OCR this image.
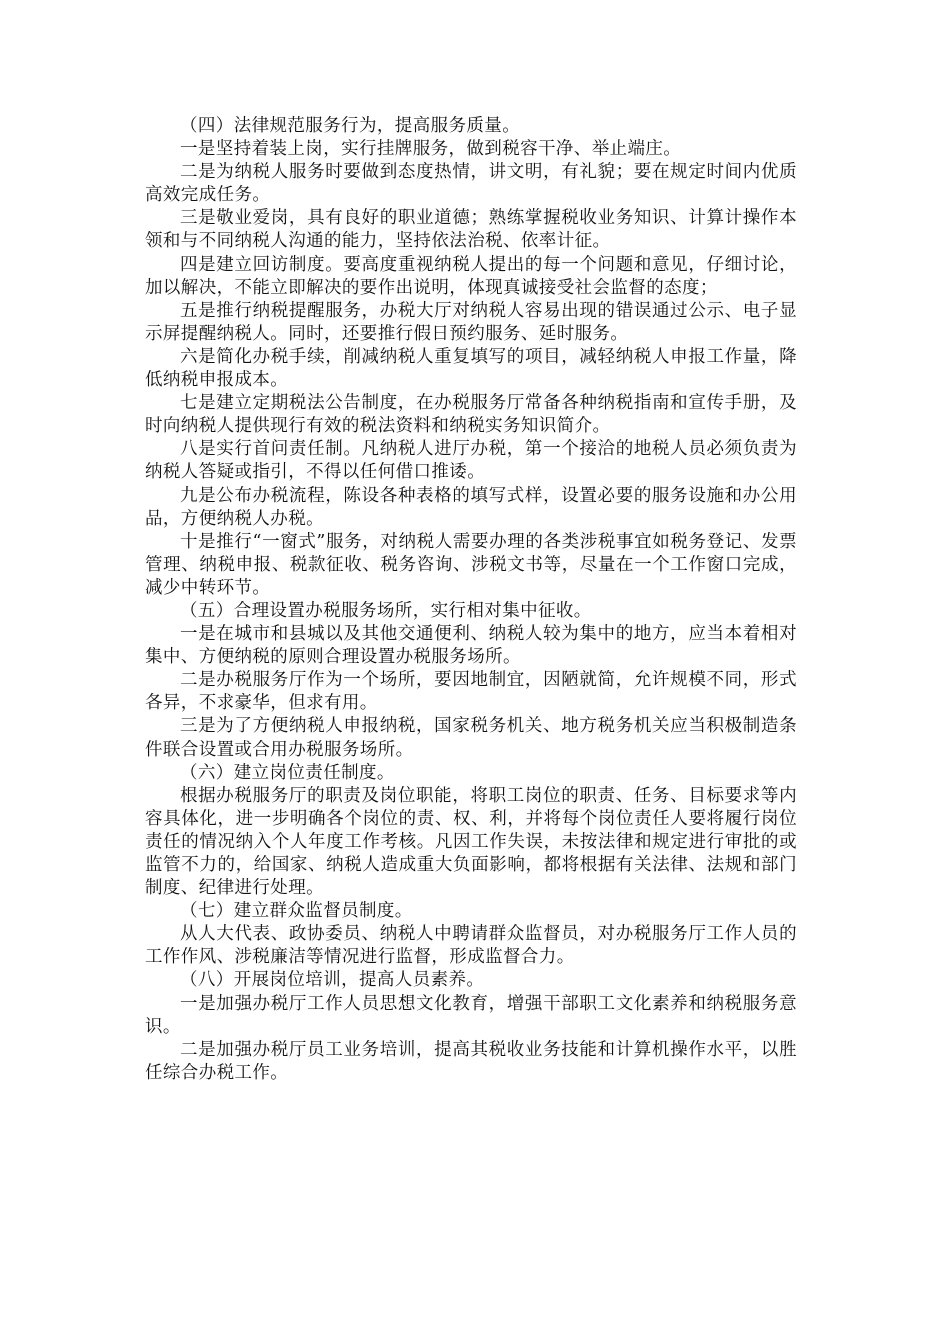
（四）法律规范服务行为，提高服务质量。

一是坚持着装上岗，实行挂牌服务，做到税容干净、举止端庄。

二是为纳税人服务时要做到态度热情，讲文明，有礼貌；要在规定时间内优质高效完成任务。

三是敬业爱岗，具有良好的职业道德；熟练掌握税收业务知识、计算计操作本领和与不同纳税人沟通的能力，坚持依法治税、依率计征。

四是建立回访制度。要高度重视纳税人提出的每一个问题和意见，仔细讨论，加以解决，不能立即解决的要作出说明，体现真诚接受社会监督的态度；

五是推行纳税提醒服务，办税大厅对纳税人容易出现的错误通过公示、电子显示屏提醒纳税人。同时，还要推行假日预约服务、延时服务。

六是简化办税手续，削减纳税人重复填写的项目，减轻纳税人申报工作量，降低纳税申报成本。

七是建立定期税法公告制度，在办税服务厅常备各种纳税指南和宣传手册，及时向纳税人提供现行有效的税法资料和纳税实务知识简介。

八是实行首问责任制。凡纳税人进厅办税，第一个接洽的地税人员必须负责为纳税人答疑或指引，不得以任何借口推诿。

九是公布办税流程，陈设各种表格的填写式样，设置必要的服务设施和办公用品，方便纳税人办税。

十是推行“一窗式”服务，对纳税人需要办理的各类涉税事宜如税务登记、发票管理、纳税申报、税款征收、税务咨询、涉税文书等，尽量在一个工作窗口完成，减少中转环节。

（五）合理设置办税服务场所，实行相对集中征收。

一是在城市和县城以及其他交通便利、纳税人较为集中的地方，应当本着相对集中、方便纳税的原则合理设置办税服务场所。

二是办税服务厅作为一个场所，要因地制宜，因陋就简，允许规模不同，形式各异，不求豪华，但求有用。

三是为了方便纳税人申报纳税，国家税务机关、地方税务机关应当积极制造条件联合设置或合用办税服务场所。

（六）建立岗位责任制度。

根据办税服务厅的职责及岗位职能，将职工岗位的职责、任务、目标要求等内容具体化，进一步明确各个岗位的责、权、利，并将每个岗位责任人要将履行岗位责任的情况纳入个人年度工作考核。凡因工作失误，未按法律和规定进行审批的或监管不力的，给国家、纳税人造成重大负面影响，都将根据有关法律、法规和部门制度、纪律进行处理。

（七）建立群众监督员制度。

从人大代表、政协委员、纳税人中聘请群众监督员，对办税服务厅工作人员的工作作风、涉税廉洁等情况进行监督，形成监督合力。

（八）开展岗位培训，提高人员素养。

一是加强办税厅工作人员思想文化教育，增强干部职工文化素养和纳税服务意识。

二是加强办税厅员工业务培训，提高其税收业务技能和计算机操作水平，以胜任综合办税工作。
